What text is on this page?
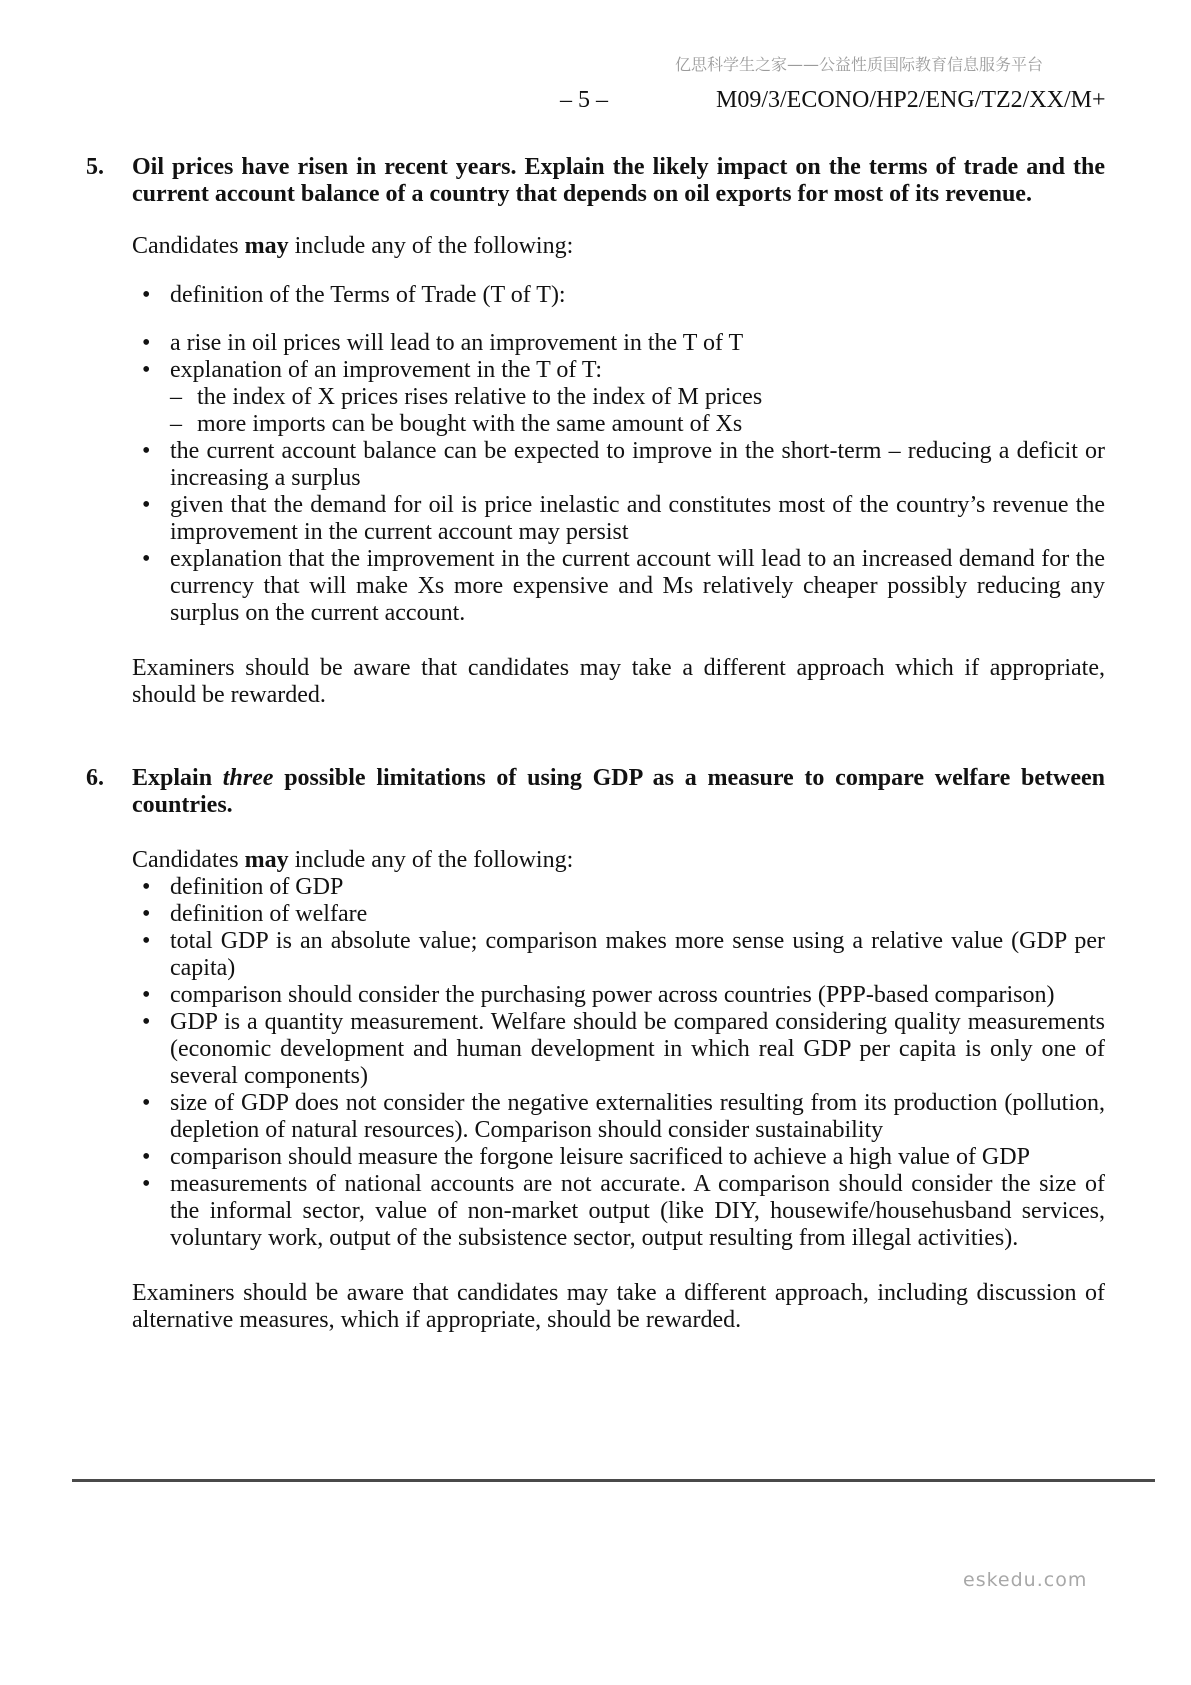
亿思科学生之家——公益性质国际教育信息服务平台
– 5 –	M09/3/ECONO/HP2/ENG/TZ2/XX/M+
5. Oil prices have risen in recent years. Explain the likely impact on the terms of trade and the current account balance of a country that depends on oil exports for most of its revenue.

Candidates may include any of the following:

• definition of the Terms of Trade (T of T):

• a rise in oil prices will lead to an improvement in the T of T

• explanation of an improvement in the T of T:

– the index of X prices rises relative to the index of M prices

– more imports can be bought with the same amount of Xs

• the current account balance can be expected to improve in the short-term – reducing a deficit or increasing a surplus

• given that the demand for oil is price inelastic and constitutes most of the country’s revenue the improvement in the current account may persist

• explanation that the improvement in the current account will lead to an increased demand for the currency that will make Xs more expensive and Ms relatively cheaper possibly reducing any surplus on the current account.

Examiners should be aware that candidates may take a different approach which if appropriate, should be rewarded.

6. Explain three possible limitations of using GDP as a measure to compare welfare between countries.

Candidates may include any of the following:

• definition of GDP

• definition of welfare

• total GDP is an absolute value; comparison makes more sense using a relative value (GDP per capita)

• comparison should consider the purchasing power across countries (PPP-based comparison)

• GDP is a quantity measurement. Welfare should be compared considering quality measurements (economic development and human development in which real GDP per capita is only one of several components)

• size of GDP does not consider the negative externalities resulting from its production (pollution, depletion of natural resources). Comparison should consider sustainability

• comparison should measure the forgone leisure sacrificed to achieve a high value of GDP

• measurements of national accounts are not accurate. A comparison should consider the size of the informal sector, value of non-market output (like DIY, housewife/househusband services, voluntary work, output of the subsistence sector, output resulting from illegal activities).

Examiners should be aware that candidates may take a different approach, including discussion of alternative measures, which if appropriate, should be rewarded.

eskedu.com
